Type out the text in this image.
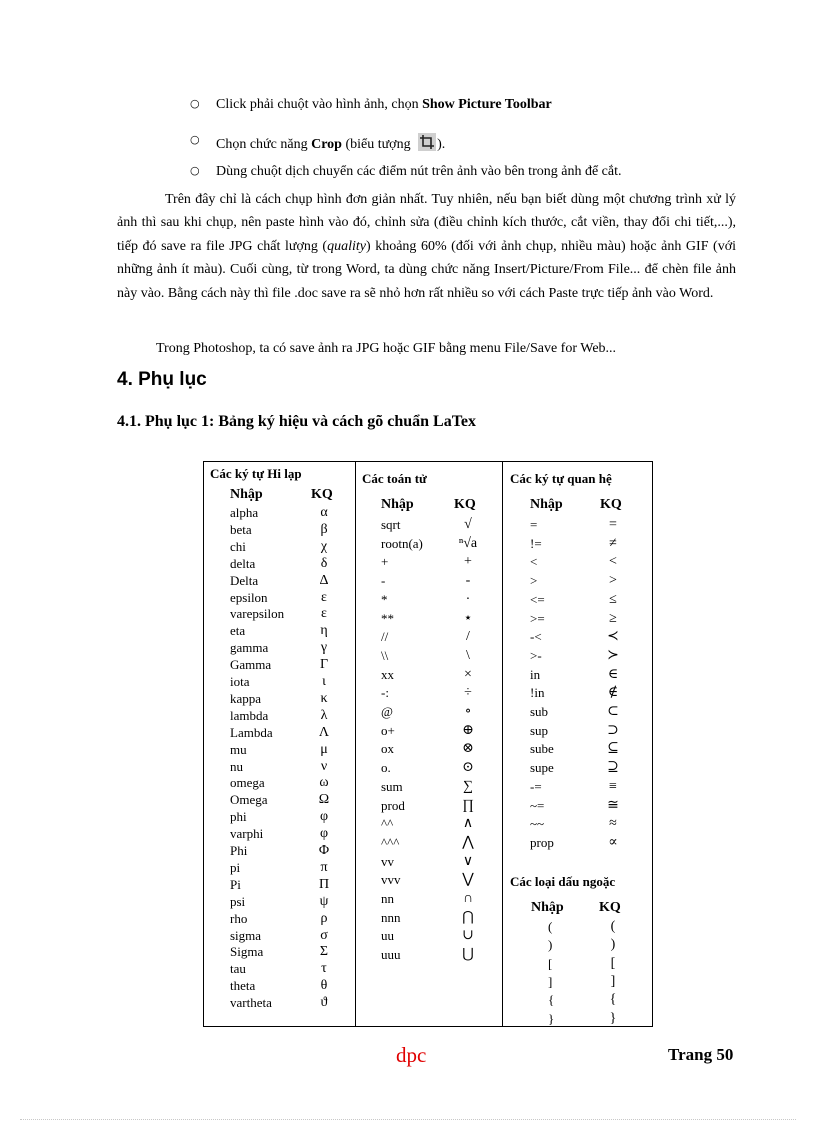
○ Click phải chuột vào hình ảnh, chọn Show Picture Toolbar
○ Chọn chức năng Crop (biểu tượng
).
○ Dùng chuột dịch chuyển các điểm nút trên ảnh vào bên trong ảnh để cắt.
Trên đây chỉ là cách chụp hình đơn giản nhất. Tuy nhiên, nếu bạn biết dùng một chương trình xử lý ảnh thì sau khi chụp, nên paste hình vào đó, chỉnh sửa (điều chỉnh kích thước, cắt viền, thay đổi chi tiết,...), tiếp đó save ra file JPG chất lượng (quality) khoảng 60% (đối với ảnh chụp, nhiều màu) hoặc ảnh GIF (với những ảnh ít màu). Cuối cùng, từ trong Word, ta dùng chức năng Insert/Picture/From File... để chèn file ảnh này vào. Bằng cách này thì file .doc save ra sẽ nhỏ hơn rất nhiều so với cách Paste trực tiếp ảnh vào Word.
Trong Photoshop, ta có save ảnh ra JPG hoặc GIF bằng menu File/Save for Web...
4. Phụ lục
4.1. Phụ lục 1: Bảng ký hiệu và cách gõ chuẩn LaTex
Các ký tự Hi lạp
Nhập	KQ
alpha	α
beta	β
chi	χ
delta	δ
Delta	Δ
epsilon	ε
varepsilon	ε
eta	η
gamma	γ
Gamma	Γ
iota	ι
kappa	κ
lambda	λ
Lambda	Λ
mu	μ
nu	ν
omega	ω
Omega	Ω
phi	φ
varphi	φ
Phi	Φ
pi	π
Pi	Π
psi	ψ
rho	ρ
sigma	σ
Sigma	Σ
tau	τ
theta	θ
vartheta	ϑ
Các toán tử
Nhập	KQ
sqrt	√
rootn(a)	ⁿ√a
+	+
-	-
*	·
**	⋆
//	/
\\	\
xx	×
-:	÷
@	∘
o+	⊕
ox	⊗
o.	⊙
sum	∑
prod	∏
^^	∧
^^^	⋀
vv	∨
vvv	⋁
nn	∩
nnn	⋂
uu	∪
uuu	⋃
Các ký tự quan hệ
Nhập	KQ
=	=
!=	≠
<	<
>	>
<=	≤
>=	≥
-<	≺
>-	≻
in	∈
!in	∉
sub	⊂
sup	⊃
sube	⊆
supe	⊇
-=	≡
~=	≅
~~	≈
prop	∝
Các loại dấu ngoặc
Nhập	KQ
(	(
)	)
[	[
]	]
{	{
}	}
dpc	Trang 50
